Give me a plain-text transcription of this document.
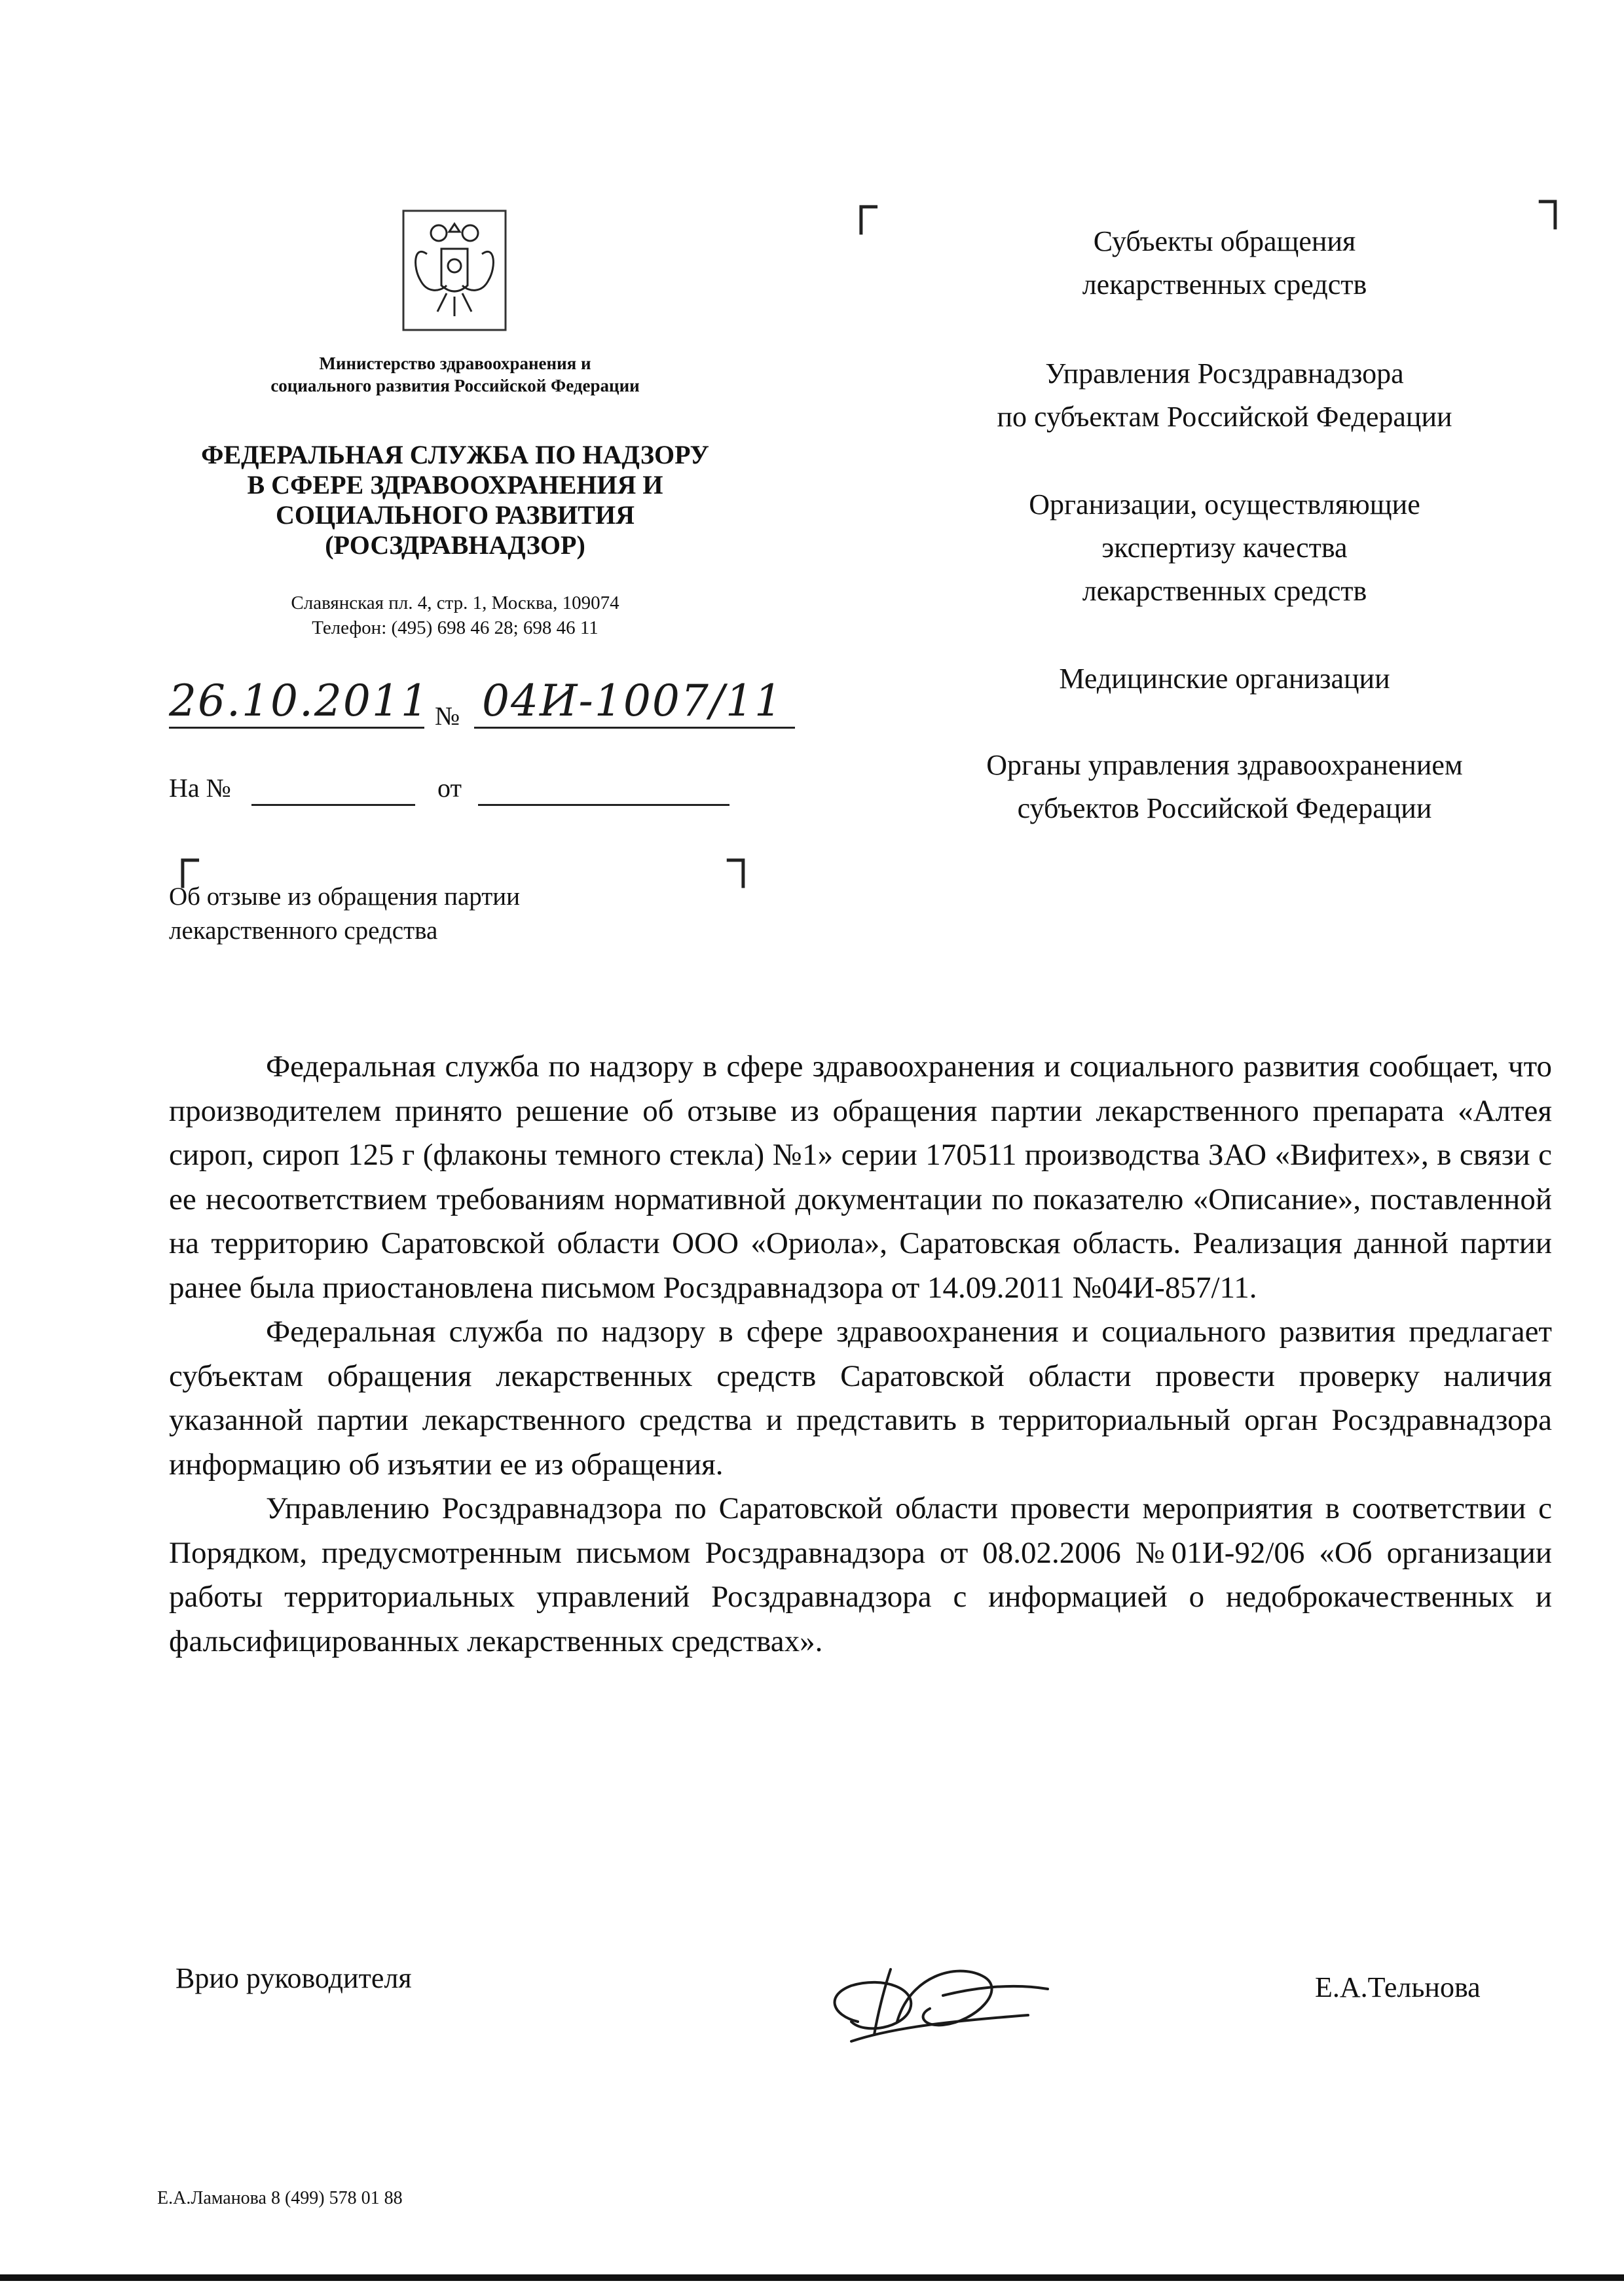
┌	┐
┌	┐
Министерство здравоохранения и
социального развития Российской Федерации
ФЕДЕРАЛЬНАЯ СЛУЖБА ПО НАДЗОРУ
В СФЕРЕ ЗДРАВООХРАНЕНИЯ И
СОЦИАЛЬНОГО РАЗВИТИЯ
(РОСЗДРАВНАДЗОР)
Славянская пл. 4, стр. 1, Москва, 109074
Телефон: (495) 698 46 28; 698 46 11
26.10.2011 № 04И-1007/11
На №	от
Об отзыве из обращения партии
лекарственного средства
Субъекты обращения
лекарственных средств
Управления Росздравнадзора
по субъектам Российской Федерации
Организации, осуществляющие
экспертизу качества
лекарственных средств
Медицинские организации
Органы управления здравоохранением
субъектов Российской Федерации

Федеральная служба по надзору в сфере здравоохранения и социального развития сообщает, что производителем принято решение об отзыве из обращения партии лекарственного препарата «Алтея сироп, сироп 125 г (флаконы темного стекла) №1» серии 170511 производства ЗАО «Вифитех», в связи с ее несоответствием требованиям нормативной документации по показателю «Описание», поставленной на территорию Саратовской области ООО «Ориола», Саратовская область. Реализация данной партии ранее была приостановлена письмом Росздравнадзора от 14.09.2011 №04И-857/11.

Федеральная служба по надзору в сфере здравоохранения и социального развития предлагает субъектам обращения лекарственных средств Саратовской области провести проверку наличия указанной партии лекарственного средства и представить в территориальный орган Росздравнадзора информацию об изъятии ее из обращения.

Управлению Росздравнадзора по Саратовской области провести мероприятия в соответствии с Порядком, предусмотренным письмом Росздравнадзора от 08.02.2006 №01И-92/06 «Об организации работы территориальных управлений Росздравнадзора с информацией о недоброкачественных и фальсифицированных лекарственных средствах».

Врио руководителя	Е.А.Тельнова
Е.А.Ламанова 8 (499) 578 01 88
